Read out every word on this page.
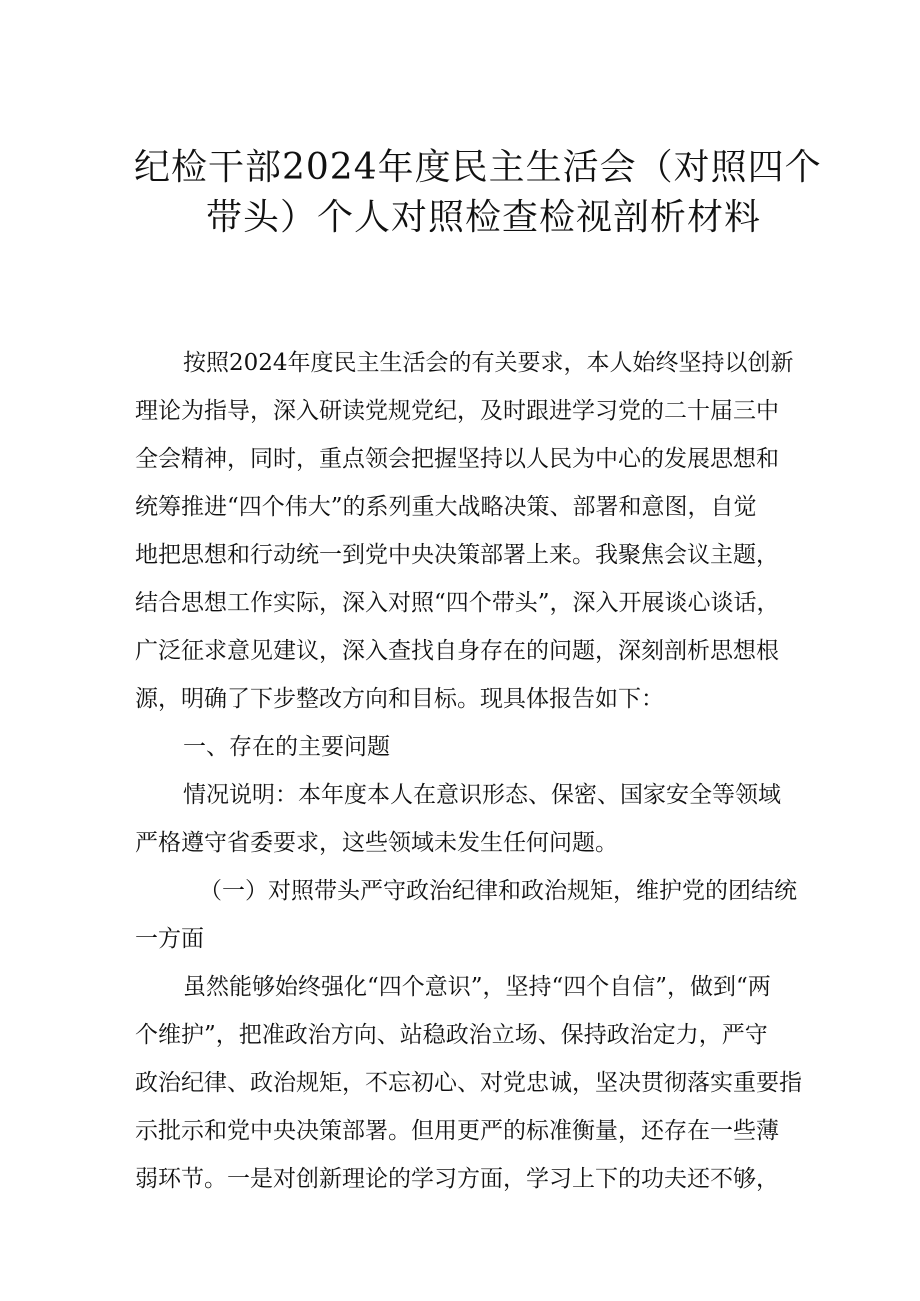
纪检干部2024年度民主生活会（对照四个
带头）个人对照检查检视剖析材料
按照2024年度民主生活会的有关要求，本人始终坚持以创新
理论为指导，深入研读党规党纪，及时跟进学习党的二十届三中
全会精神，同时，重点领会把握坚持以人民为中心的发展思想和
统筹推进“四个伟大”的系列重大战略决策、部署和意图，自觉
地把思想和行动统一到党中央决策部署上来。我聚焦会议主题，
结合思想工作实际，深入对照“四个带头”，深入开展谈心谈话，
广泛征求意见建议，深入查找自身存在的问题，深刻剖析思想根
源，明确了下步整改方向和目标。现具体报告如下：
一、存在的主要问题
情况说明：本年度本人在意识形态、保密、国家安全等领域
严格遵守省委要求，这些领域未发生任何问题。
（一）对照带头严守政治纪律和政治规矩，维护党的团结统
一方面
虽然能够始终强化“四个意识”，坚持“四个自信”，做到“两
个维护”，把准政治方向、站稳政治立场、保持政治定力，严守
政治纪律、政治规矩，不忘初心、对党忠诚，坚决贯彻落实重要指
示批示和党中央决策部署。但用更严的标准衡量，还存在一些薄
弱环节。一是对创新理论的学习方面，学习上下的功夫还不够，
